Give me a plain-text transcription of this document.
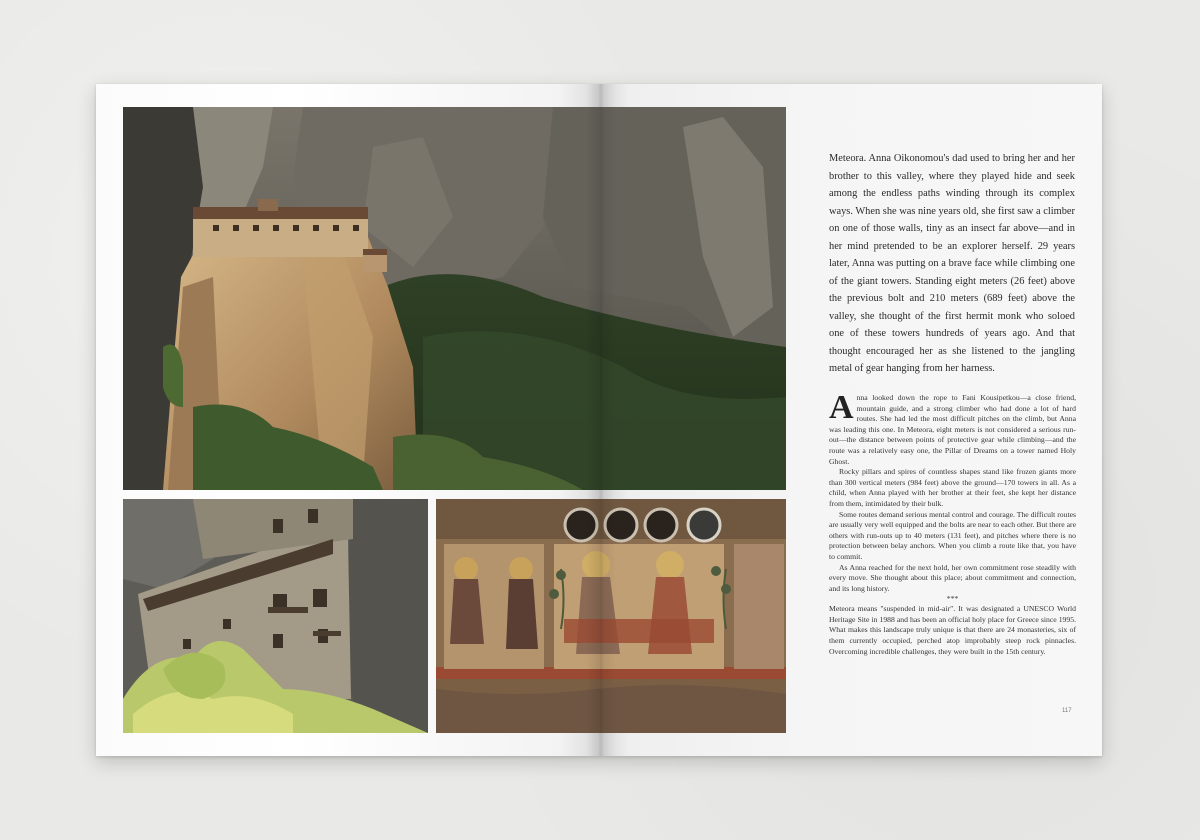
Meteora. Anna Oikonomou's dad used to bring her and her brother to this valley, where they played hide and seek among the endless paths winding through its complex ways. When she was nine years old, she first saw a climber on one of those walls, tiny as an insect far above—and in her mind pretended to be an explorer herself. 29 years later, Anna was putting on a brave face while climbing one of the giant towers. Standing eight meters (26 feet) above the previous bolt and 210 meters (689 feet) above the valley, she thought of the first hermit monk who soloed one of these towers hundreds of years ago. And that thought encouraged her as she listened to the jangling metal of gear hanging from her harness.

Anna looked down the rope to Fani Kousipetkou—a close friend, mountain guide, and a strong climber who had done a lot of hard routes. She had led the most difficult pitches on the climb, but Anna was leading this one. In Meteora, eight meters is not considered a serious run-out—the distance between points of protective gear while climbing—and the route was a relatively easy one, the Pillar of Dreams on a tower named Holy Ghost.

Rocky pillars and spires of countless shapes stand like frozen giants more than 300 vertical meters (984 feet) above the ground—170 towers in all. As a child, when Anna played with her brother at their feet, she kept her distance from them, intimidated by their bulk.

Some routes demand serious mental control and courage. The difficult routes are usually very well equipped and the bolts are near to each other. But there are others with run-outs up to 40 meters (131 feet), and pitches where there is no protection between belay anchors. When you climb a route like that, you have to commit.

As Anna reached for the next hold, her own commitment rose steadily with every move. She thought about this place; about commitment and connection, and its long history.

***

Meteora means "suspended in mid-air". It was designated a UNESCO World Heritage Site in 1988 and has been an official holy place for Greece since 1995. What makes this landscape truly unique is that there are 24 monasteries, six of them currently occupied, perched atop improbably steep rock pinnacles. Overcoming incredible challenges, they were built in the 15th century.

117
